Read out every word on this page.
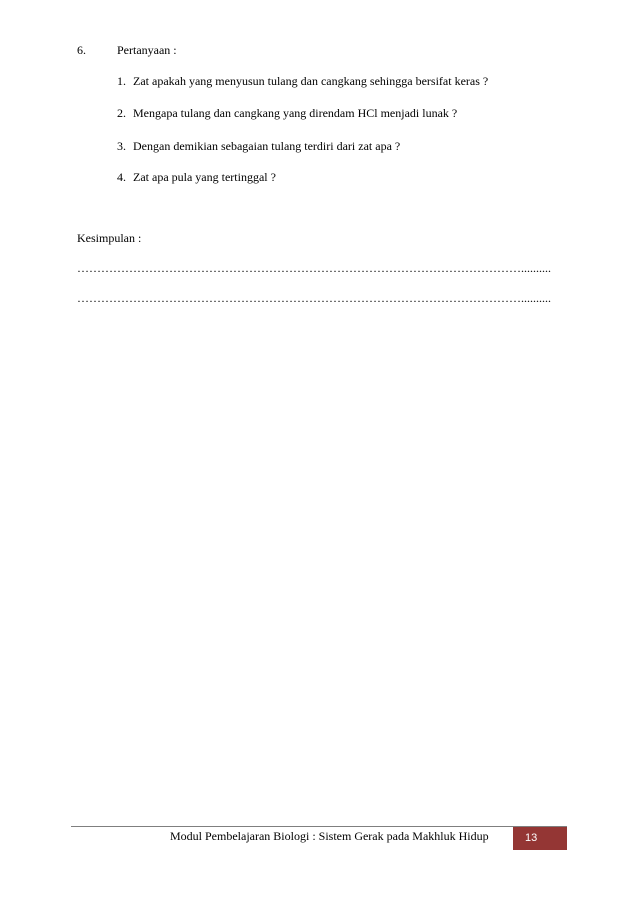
6.	Pertanyaan :
1. Zat apakah yang menyusun tulang dan cangkang sehingga bersifat keras ?
2. Mengapa tulang dan cangkang yang direndam HCl menjadi lunak ?
3. Dengan demikian sebagaian tulang terdiri dari zat apa ?
4. Zat apa pula yang tertinggal ?
Kesimpulan :
…………………………………………………………………………………………………..........
…………………………………………………………………………………………………..........
Modul Pembelajaran Biologi : Sistem Gerak pada Makhluk Hidup	13
